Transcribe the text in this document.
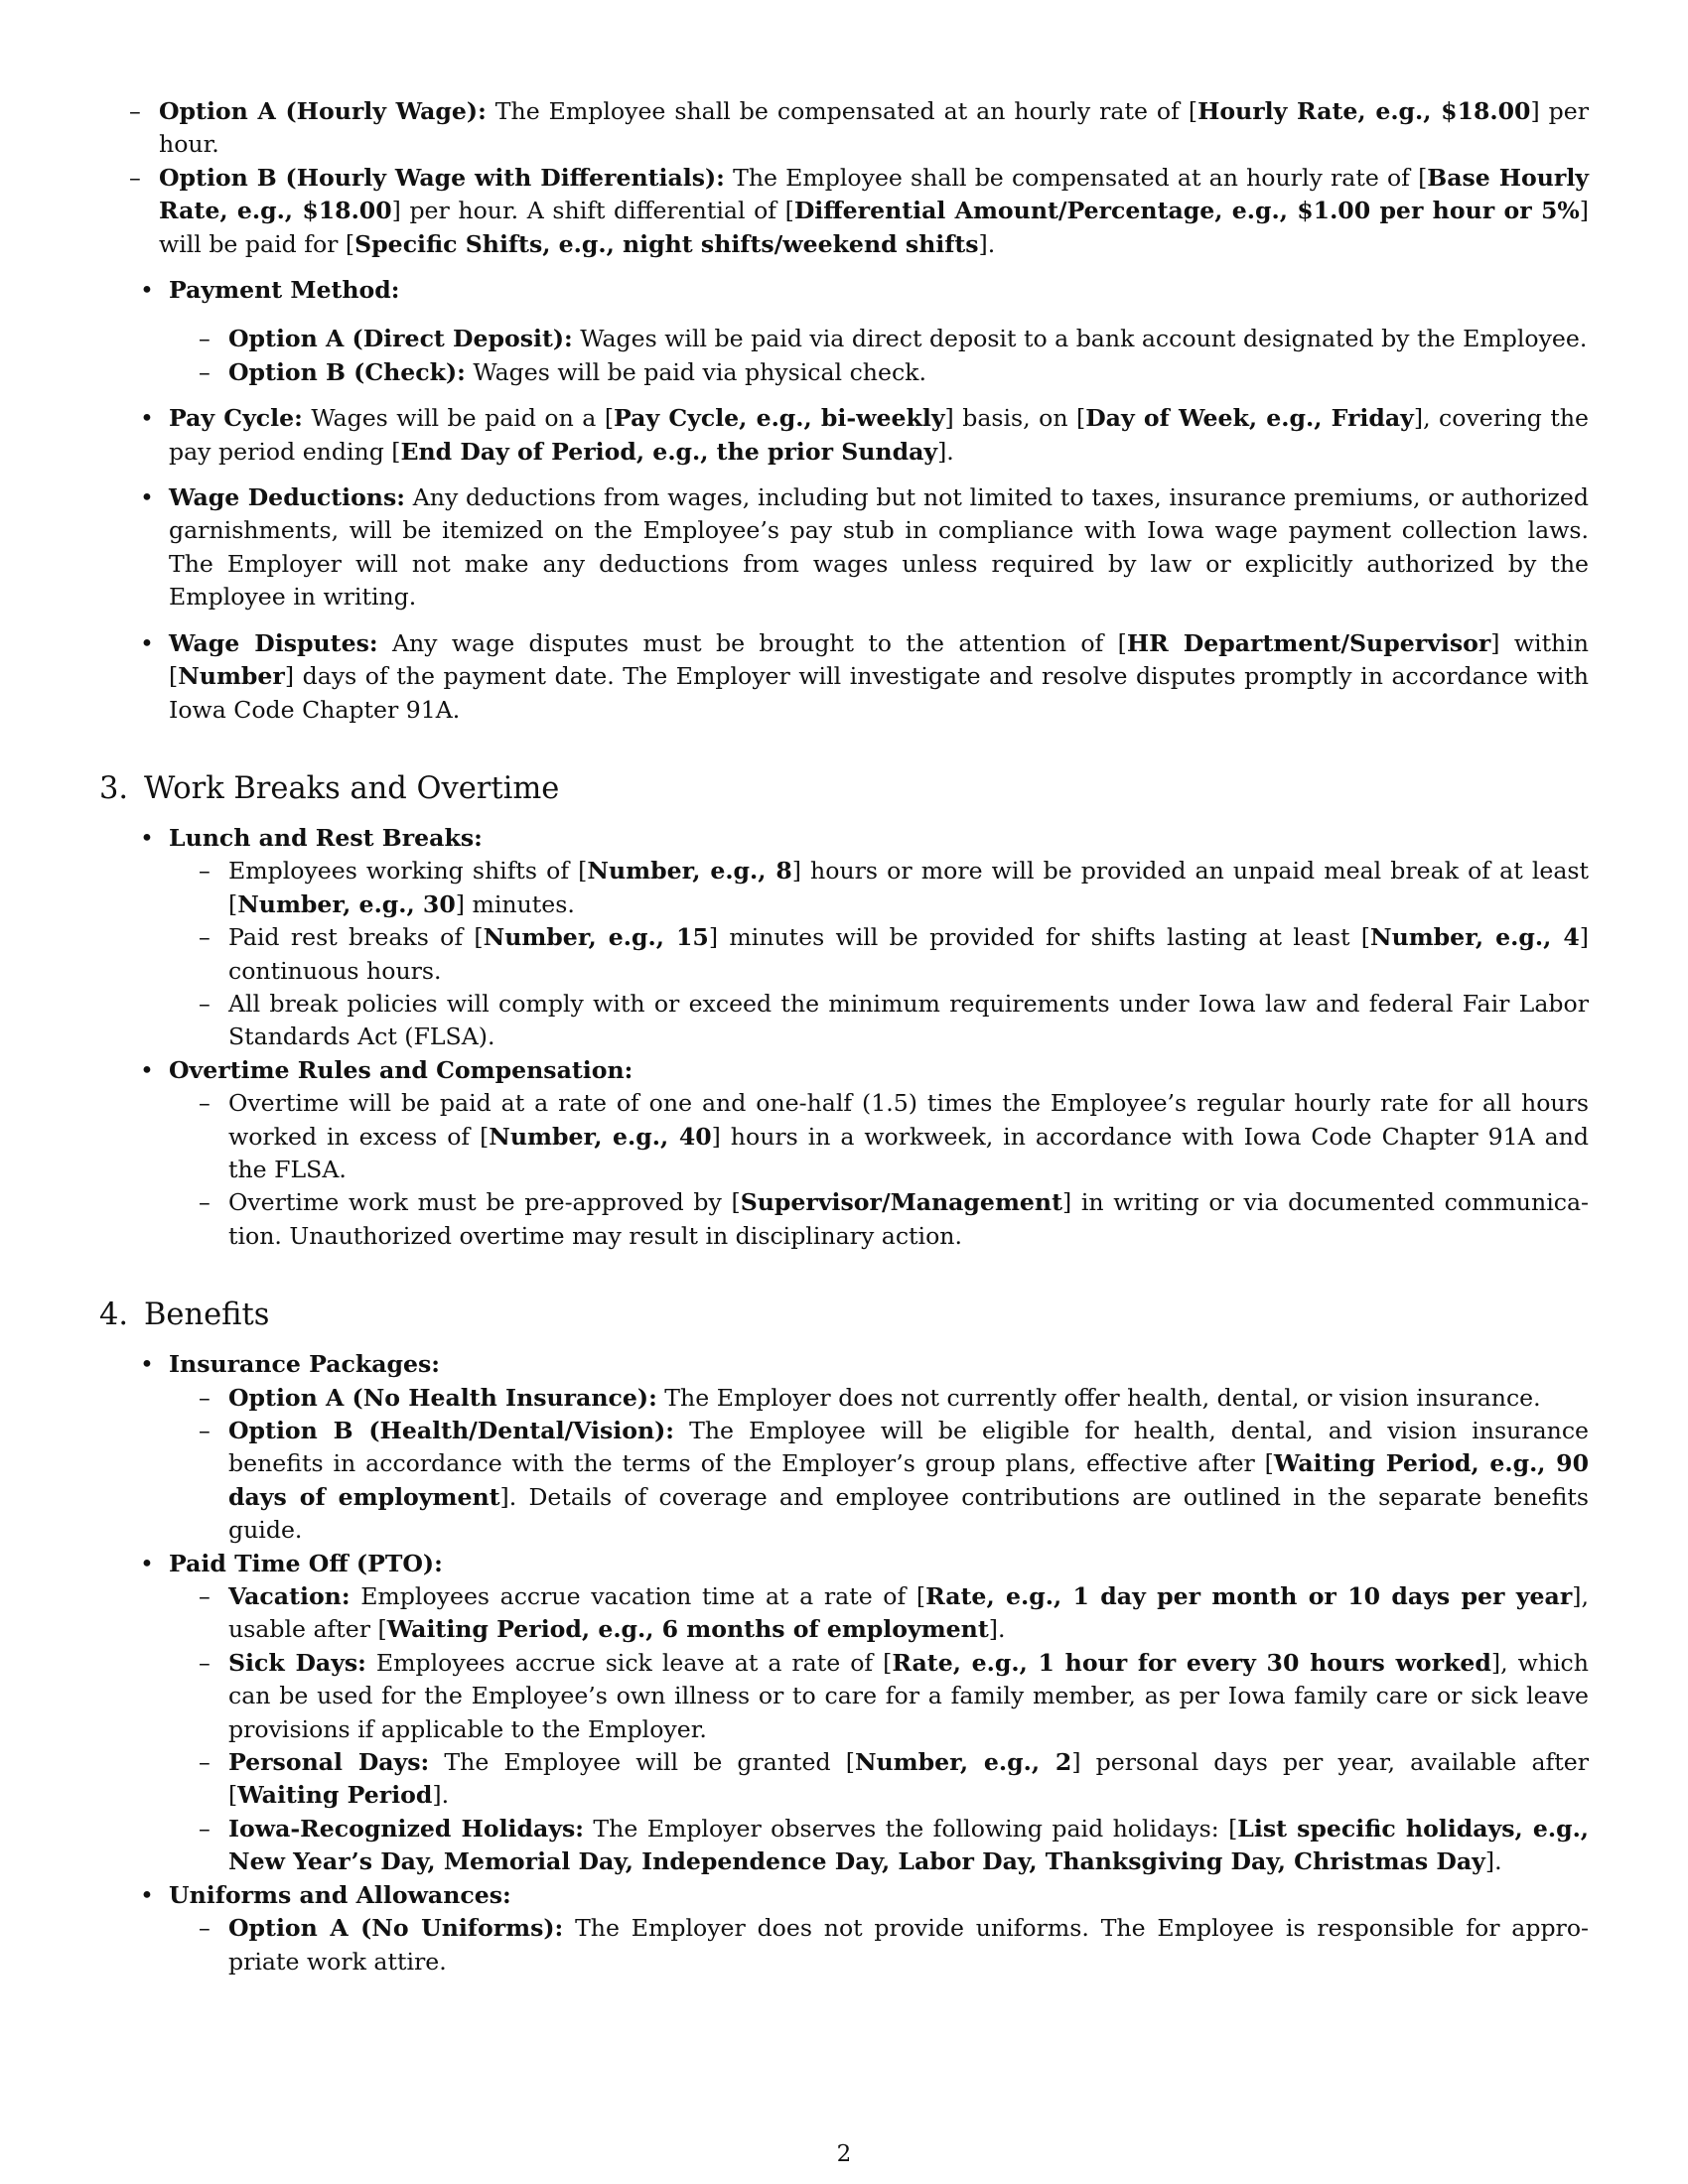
– Option A (Hourly Wage): The Employee shall be compensated at an hourly rate of [Hourly Rate, e.g., $18.00] per hour.

– Option B (Hourly Wage with Differentials): The Employee shall be compensated at an hourly rate of [Base Hourly Rate, e.g., $18.00] per hour. A shift differential of [Differential Amount/Percentage, e.g., $1.00 per hour or 5%] will be paid for [Specific Shifts, e.g., night shifts/weekend shifts].

• Payment Method:

– Option A (Direct Deposit): Wages will be paid via direct deposit to a bank account designated by the Employee.

– Option B (Check): Wages will be paid via physical check.

• Pay Cycle: Wages will be paid on a [Pay Cycle, e.g., bi-weekly] basis, on [Day of Week, e.g., Friday], covering the pay period ending [End Day of Period, e.g., the prior Sunday].

• Wage Deductions: Any deductions from wages, including but not limited to taxes, insurance premiums, or authorized garnishments, will be itemized on the Employee’s pay stub in compliance with Iowa wage payment collection laws. The Employer will not make any deductions from wages unless required by law or explicitly authorized by the Employee in writing.

• Wage Disputes: Any wage disputes must be brought to the attention of [HR Department/Supervisor] within [Number] days of the payment date. The Employer will investigate and resolve disputes promptly in accordance with Iowa Code Chapter 91A.

3. Work Breaks and Overtime
• Lunch and Rest Breaks:

– Employees working shifts of [Number, e.g., 8] hours or more will be provided an unpaid meal break of at least [Number, e.g., 30] minutes.

– Paid rest breaks of [Number, e.g., 15] minutes will be provided for shifts lasting at least [Number, e.g., 4] continuous hours.

– All break policies will comply with or exceed the minimum requirements under Iowa law and federal Fair Labor Standards Act (FLSA).

• Overtime Rules and Compensation:

– Overtime will be paid at a rate of one and one-half (1.5) times the Employee’s regular hourly rate for all hours worked in excess of [Number, e.g., 40] hours in a workweek, in accordance with Iowa Code Chapter 91A and the FLSA.

– Overtime work must be pre-approved by [Supervisor/Management] in writing or via documented communica-tion. Unauthorized overtime may result in disciplinary action.

4. Benefits
• Insurance Packages:

– Option A (No Health Insurance): The Employer does not currently offer health, dental, or vision insurance.

– Option B (Health/Dental/Vision): The Employee will be eligible for health, dental, and vision insurance benefits in accordance with the terms of the Employer’s group plans, effective after [Waiting Period, e.g., 90 days of employment]. Details of coverage and employee contributions are outlined in the separate benefits guide.

• Paid Time Off (PTO):

– Vacation: Employees accrue vacation time at a rate of [Rate, e.g., 1 day per month or 10 days per year], usable after [Waiting Period, e.g., 6 months of employment].

– Sick Days: Employees accrue sick leave at a rate of [Rate, e.g., 1 hour for every 30 hours worked], which can be used for the Employee’s own illness or to care for a family member, as per Iowa family care or sick leave provisions if applicable to the Employer.

– Personal Days: The Employee will be granted [Number, e.g., 2] personal days per year, available after [Waiting Period].

– Iowa-Recognized Holidays: The Employer observes the following paid holidays: [List specific holidays, e.g., New Year’s Day, Memorial Day, Independence Day, Labor Day, Thanksgiving Day, Christmas Day].

• Uniforms and Allowances:

– Option A (No Uniforms): The Employer does not provide uniforms. The Employee is responsible for appro-priate work attire.

2
